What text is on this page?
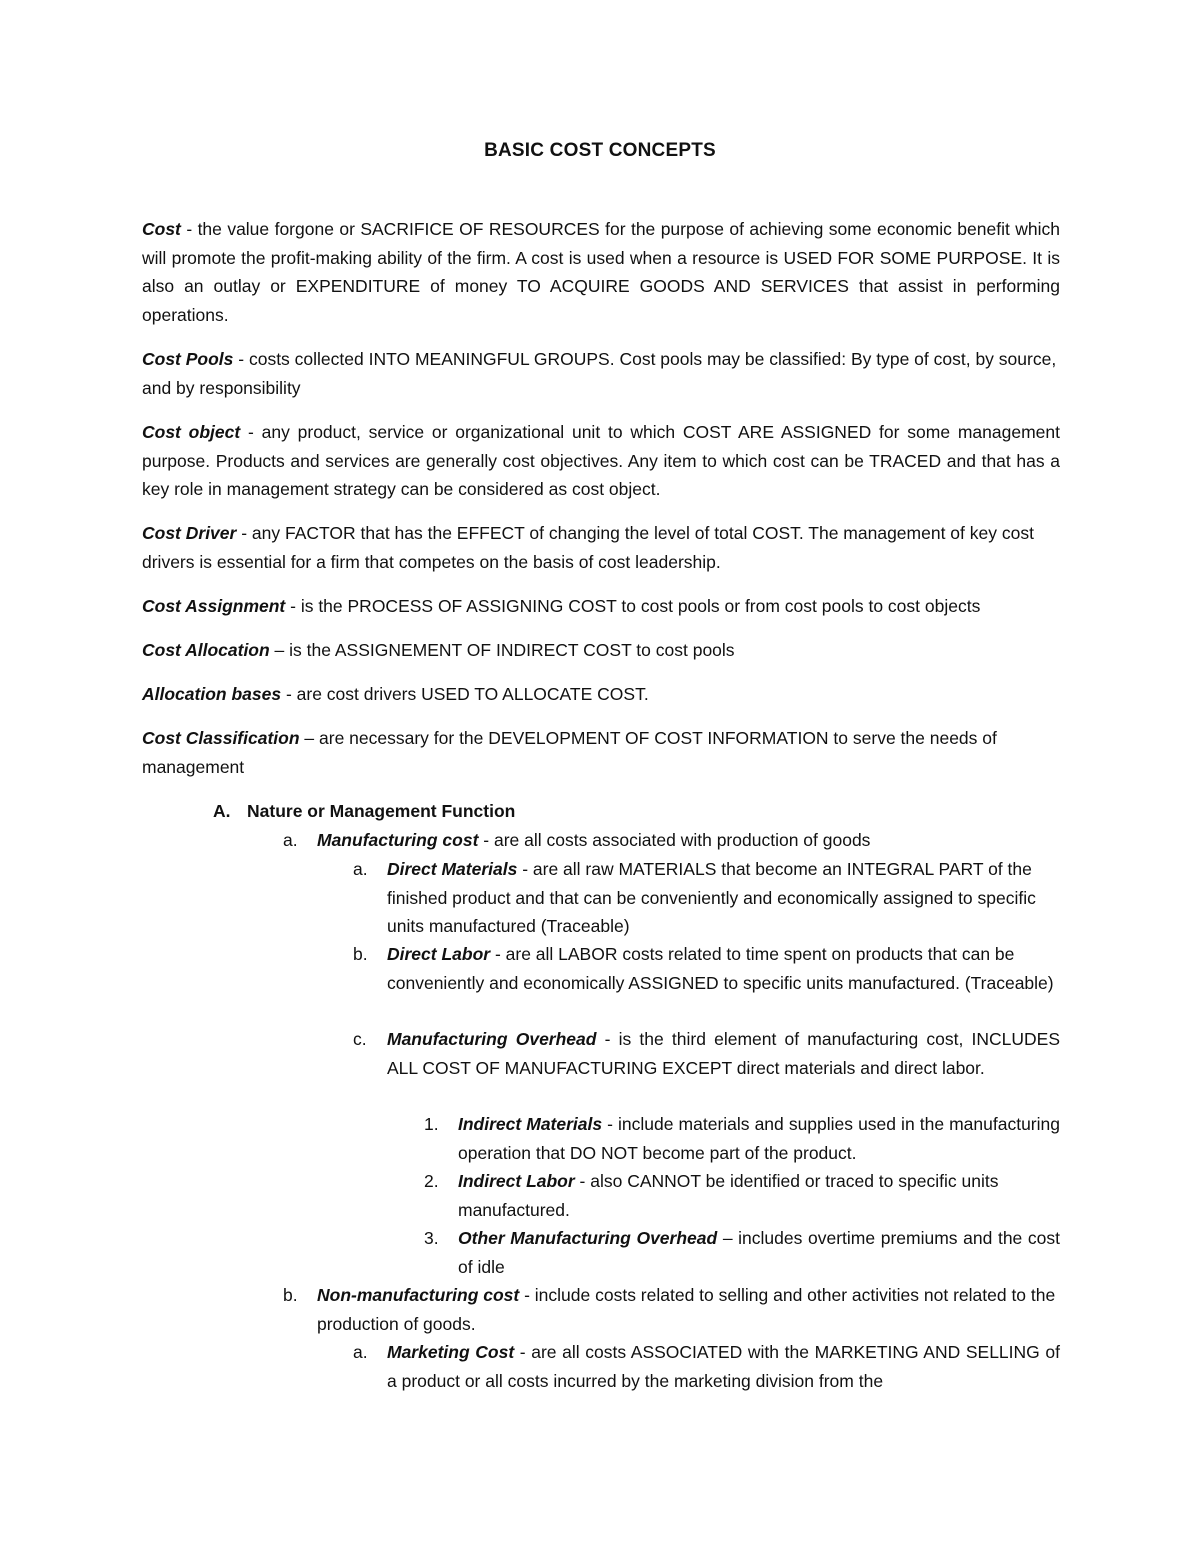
BASIC COST CONCEPTS
Cost - the value forgone or SACRIFICE OF RESOURCES for the purpose of achieving some economic benefit which will promote the profit-making ability of the firm. A cost is used when a resource is USED FOR SOME PURPOSE. It is also an outlay or EXPENDITURE of money TO ACQUIRE GOODS AND SERVICES that assist in performing operations.
Cost Pools - costs collected INTO MEANINGFUL GROUPS. Cost pools may be classified: By type of cost, by source, and by responsibility
Cost object - any product, service or organizational unit to which COST ARE ASSIGNED for some management purpose. Products and services are generally cost objectives. Any item to which cost can be TRACED and that has a key role in management strategy can be considered as cost object.
Cost Driver - any FACTOR that has the EFFECT of changing the level of total COST. The management of key cost drivers is essential for a firm that competes on the basis of cost leadership.
Cost Assignment - is the PROCESS OF ASSIGNING COST to cost pools or from cost pools to cost objects
Cost Allocation – is the ASSIGNEMENT OF INDIRECT COST to cost pools
Allocation bases - are cost drivers USED TO ALLOCATE COST.
Cost Classification – are necessary for the DEVELOPMENT OF COST INFORMATION to serve the needs of management
A. Nature or Management Function
a. Manufacturing cost - are all costs associated with production of goods
a. Direct Materials - are all raw MATERIALS that become an INTEGRAL PART of the finished product and that can be conveniently and economically assigned to specific units manufactured (Traceable)
b. Direct Labor - are all LABOR costs related to time spent on products that can be conveniently and economically ASSIGNED to specific units manufactured. (Traceable)
c. Manufacturing Overhead - is the third element of manufacturing cost, INCLUDES ALL COST OF MANUFACTURING EXCEPT direct materials and direct labor.
1. Indirect Materials - include materials and supplies used in the manufacturing operation that DO NOT become part of the product.
2. Indirect Labor - also CANNOT be identified or traced to specific units manufactured.
3. Other Manufacturing Overhead – includes overtime premiums and the cost of idle
b. Non-manufacturing cost - include costs related to selling and other activities not related to the production of goods.
a. Marketing Cost - are all costs ASSOCIATED with the MARKETING AND SELLING of a product or all costs incurred by the marketing division from the
